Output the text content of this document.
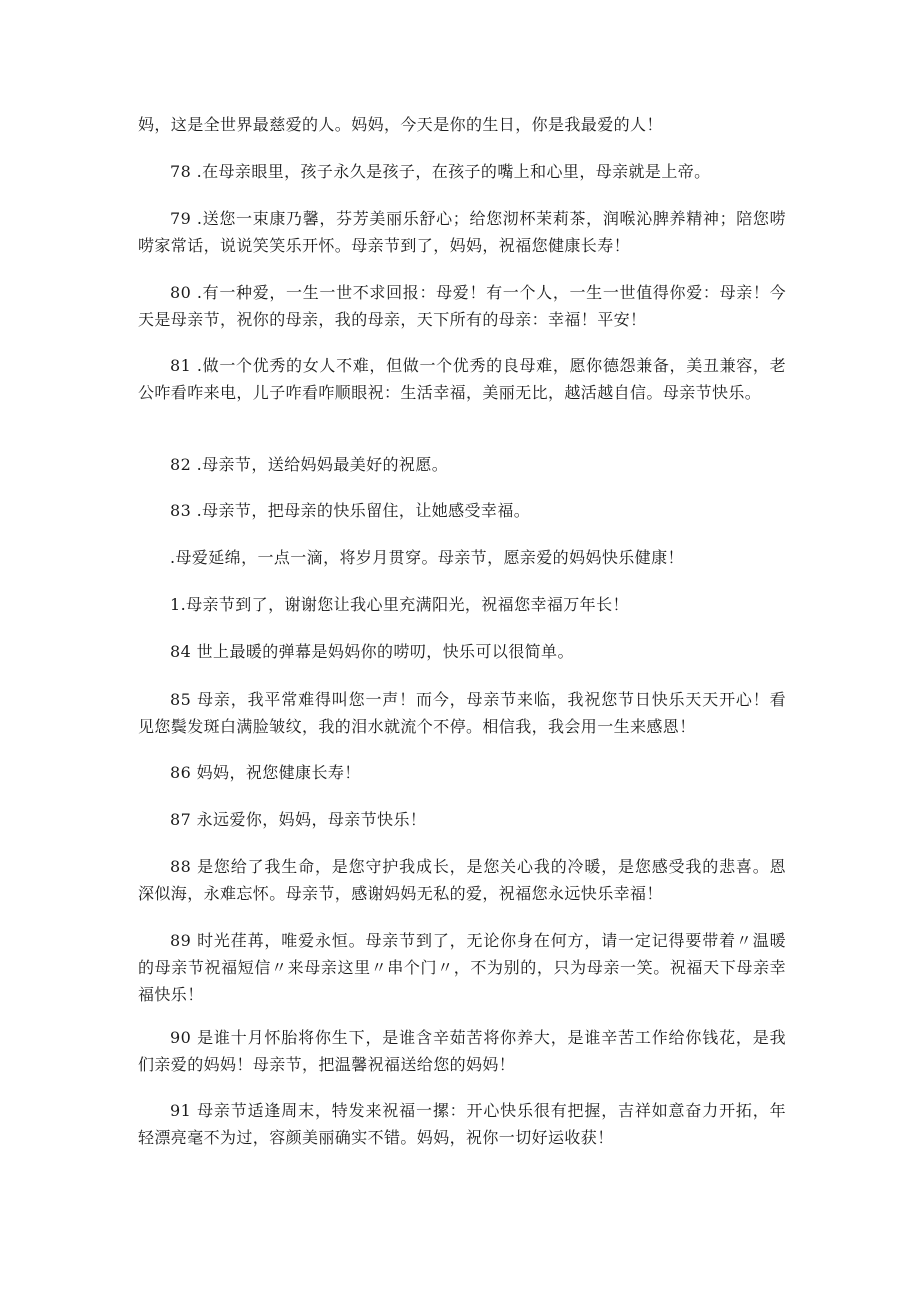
妈，这是全世界最慈爱的人。妈妈，今天是你的生日，你是我最爱的人！

78 .在母亲眼里，孩子永久是孩子，在孩子的嘴上和心里，母亲就是上帝。

79 .送您一束康乃馨，芬芳美丽乐舒心；给您沏杯茉莉茶，润喉沁脾养精神；陪您唠唠家常话，说说笑笑乐开怀。母亲节到了，妈妈，祝福您健康长寿！

80 .有一种爱，一生一世不求回报：母爱！有一个人，一生一世值得你爱：母亲！今天是母亲节，祝你的母亲，我的母亲，天下所有的母亲：幸福！平安！

81 .做一个优秀的女人不难，但做一个优秀的良母难，愿你德怨兼备，美丑兼容，老公咋看咋来电，儿子咋看咋顺眼祝：生活幸福，美丽无比，越活越自信。母亲节快乐。

82 .母亲节，送给妈妈最美好的祝愿。

83 .母亲节，把母亲的快乐留住，让她感受幸福。

.母爱延绵，一点一滴，将岁月贯穿。母亲节，愿亲爱的妈妈快乐健康！

1.母亲节到了，谢谢您让我心里充满阳光，祝福您幸福万年长！

84 世上最暖的弹幕是妈妈你的唠叨，快乐可以很简单。

85 母亲，我平常难得叫您一声！而今，母亲节来临，我祝您节日快乐天天开心！看见您鬓发斑白满脸皱纹，我的泪水就流个不停。相信我，我会用一生来感恩！

86 妈妈，祝您健康长寿！

87 永远爱你，妈妈，母亲节快乐！

88 是您给了我生命，是您守护我成长，是您关心我的冷暖，是您感受我的悲喜。恩深似海，永难忘怀。母亲节，感谢妈妈无私的爱，祝福您永远快乐幸福！

89 时光荏苒，唯爱永恒。母亲节到了，无论你身在何方，请一定记得要带着〃温暖的母亲节祝福短信〃来母亲这里〃串个门〃，不为别的，只为母亲一笑。祝福天下母亲幸福快乐！

90 是谁十月怀胎将你生下，是谁含辛茹苦将你养大，是谁辛苦工作给你钱花，是我们亲爱的妈妈！母亲节，把温馨祝福送给您的妈妈！

91 母亲节适逢周末，特发来祝福一摞：开心快乐很有把握，吉祥如意奋力开拓，年轻漂亮毫不为过，容颜美丽确实不错。妈妈，祝你一切好运收获！
